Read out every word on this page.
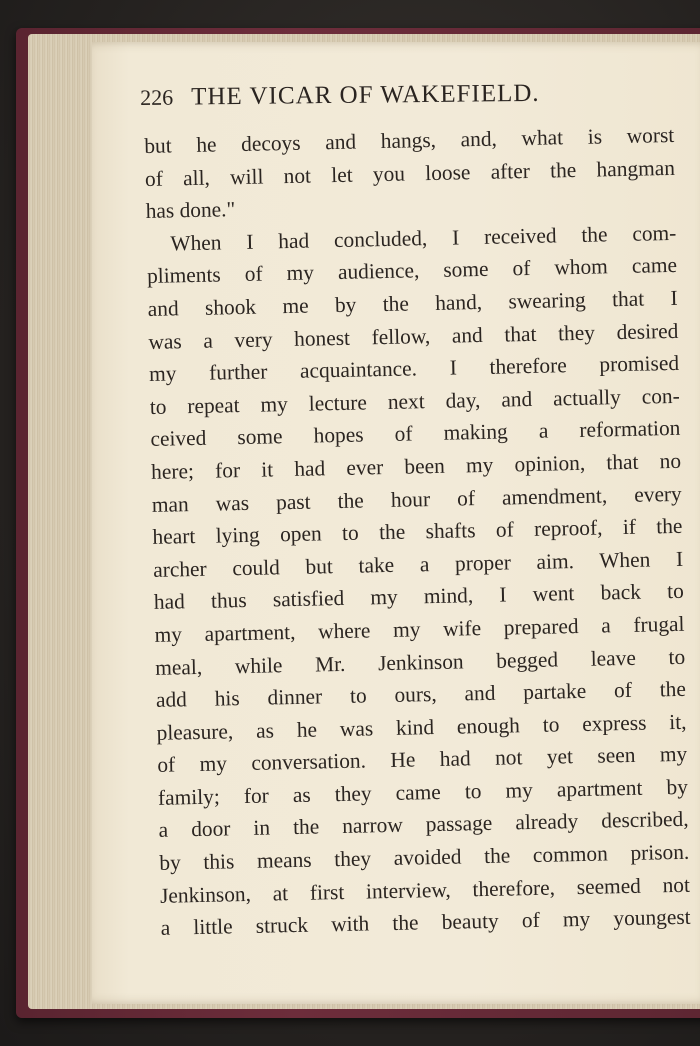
226 THE VICAR OF WAKEFIELD.
but he decoys and hangs, and, what is worst
of all, will not let you loose after the hangman
has done."
When I had concluded, I received the com-
pliments of my audience, some of whom came
and shook me by the hand, swearing that I
was a very honest fellow, and that they desired
my further acquaintance. I therefore promised
to repeat my lecture next day, and actually con-
ceived some hopes of making a reformation
here; for it had ever been my opinion, that no
man was past the hour of amendment, every
heart lying open to the shafts of reproof, if the
archer could but take a proper aim. When I
had thus satisfied my mind, I went back to
my apartment, where my wife prepared a frugal
meal, while Mr. Jenkinson begged leave to
add his dinner to ours, and partake of the
pleasure, as he was kind enough to express it,
of my conversation. He had not yet seen my
family; for as they came to my apartment by
a door in the narrow passage already described,
by this means they avoided the common prison.
Jenkinson, at first interview, therefore, seemed not
a little struck with the beauty of my youngest
